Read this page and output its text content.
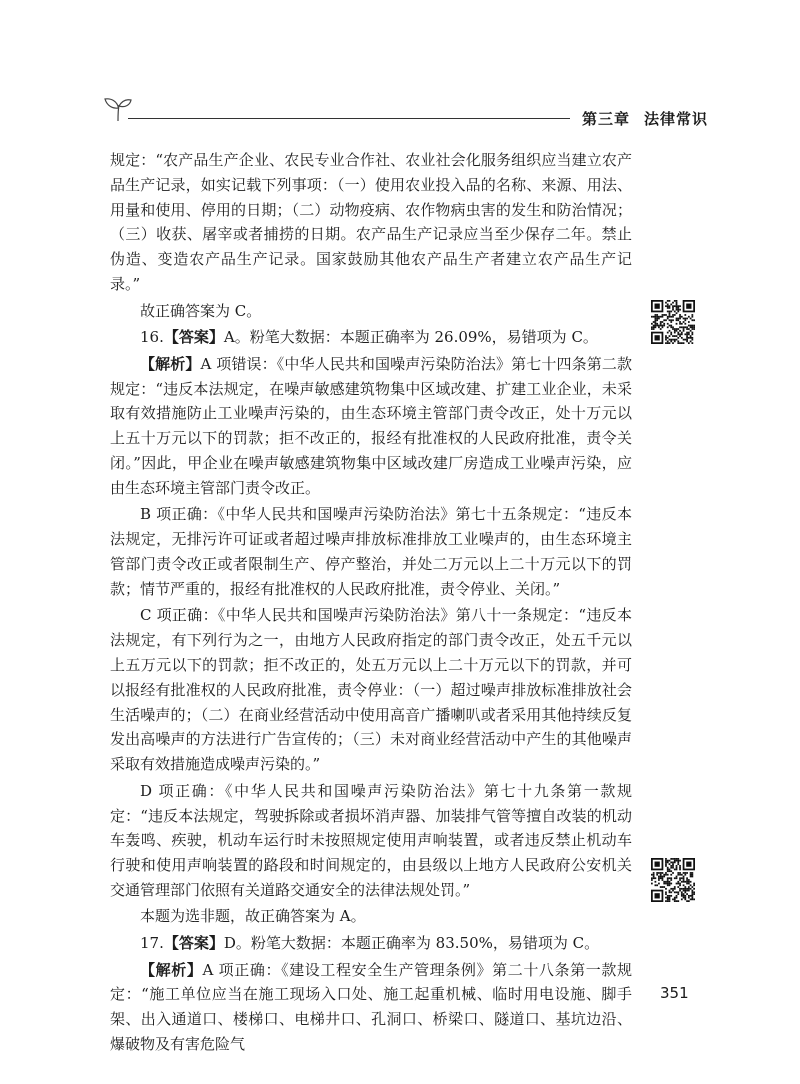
第三章 法律常识

规定：“农产品生产企业、农民专业合作社、农业社会化服务组织应当建立农产品生产记录，如实记载下列事项：（一）使用农业投入品的名称、来源、用法、用量和使用、停用的日期；（二）动物疫病、农作物病虫害的发生和防治情况；（三）收获、屠宰或者捕捞的日期。农产品生产记录应当至少保存二年。禁止伪造、变造农产品生产记录。国家鼓励其他农产品生产者建立农产品生产记录。”

故正确答案为 C。

16.【答案】A。粉笔大数据：本题正确率为 26.09%，易错项为 C。

【解析】A 项错误：《中华人民共和国噪声污染防治法》第七十四条第二款规定：“违反本法规定，在噪声敏感建筑物集中区域改建、扩建工业企业，未采取有效措施防止工业噪声污染的，由生态环境主管部门责令改正，处十万元以上五十万元以下的罚款；拒不改正的，报经有批准权的人民政府批准，责令关闭。”因此，甲企业在噪声敏感建筑物集中区域改建厂房造成工业噪声污染，应由生态环境主管部门责令改正。

B 项正确：《中华人民共和国噪声污染防治法》第七十五条规定：“违反本法规定，无排污许可证或者超过噪声排放标准排放工业噪声的，由生态环境主管部门责令改正或者限制生产、停产整治，并处二万元以上二十万元以下的罚款；情节严重的，报经有批准权的人民政府批准，责令停业、关闭。”

C 项正确：《中华人民共和国噪声污染防治法》第八十一条规定：“违反本法规定，有下列行为之一，由地方人民政府指定的部门责令改正，处五千元以上五万元以下的罚款；拒不改正的，处五万元以上二十万元以下的罚款，并可以报经有批准权的人民政府批准，责令停业：（一）超过噪声排放标准排放社会生活噪声的；（二）在商业经营活动中使用高音广播喇叭或者采用其他持续反复发出高噪声的方法进行广告宣传的；（三）未对商业经营活动中产生的其他噪声采取有效措施造成噪声污染的。”

D 项正确：《中华人民共和国噪声污染防治法》第七十九条第一款规定：“违反本法规定，驾驶拆除或者损坏消声器、加装排气管等擅自改装的机动车轰鸣、疾驶，机动车运行时未按照规定使用声响装置，或者违反禁止机动车行驶和使用声响装置的路段和时间规定的，由县级以上地方人民政府公安机关交通管理部门依照有关道路交通安全的法律法规处罚。”

本题为选非题，故正确答案为 A。

17.【答案】D。粉笔大数据：本题正确率为 83.50%，易错项为 C。

【解析】A 项正确：《建设工程安全生产管理条例》第二十八条第一款规定：“施工单位应当在施工现场入口处、施工起重机械、临时用电设施、脚手架、出入通道口、楼梯口、电梯井口、孔洞口、桥梁口、隧道口、基坑边沿、爆破物及有害危险气

351
